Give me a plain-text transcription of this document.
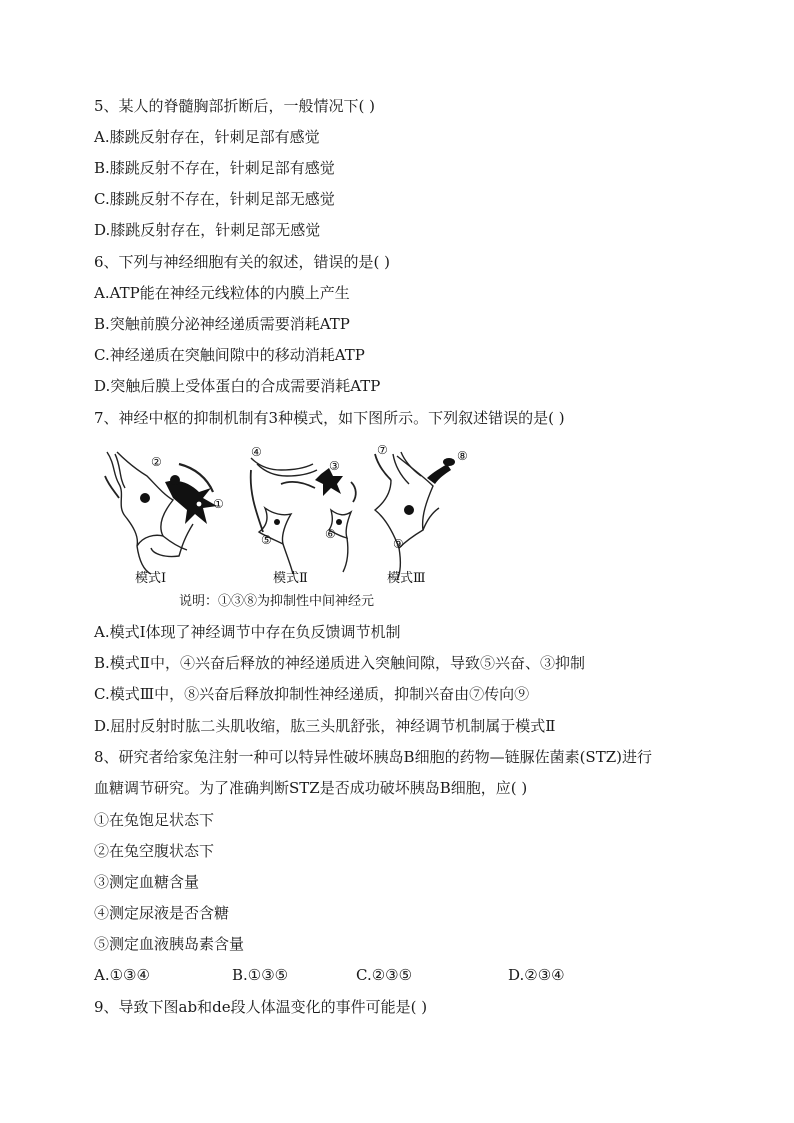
5、某人的脊髓胸部折断后，一般情况下( )
A.膝跳反射存在，针刺足部有感觉
B.膝跳反射不存在，针刺足部有感觉
C.膝跳反射不存在，针刺足部无感觉
D.膝跳反射存在，针刺足部无感觉
6、下列与神经细胞有关的叙述，错误的是( )
A.ATP能在神经元线粒体的内膜上产生
B.突触前膜分泌神经递质需要消耗ATP
C.神经递质在突触间隙中的移动消耗ATP
D.突触后膜上受体蛋白的合成需要消耗ATP
7、神经中枢的抑制机制有3种模式，如下图所示。下列叙述错误的是( )
②
①
④
③
⑤	⑥
⑦	⑧
⑨
模式Ⅰ	模式Ⅱ	模式Ⅲ
说明：①③⑧为抑制性中间神经元
A.模式Ⅰ体现了神经调节中存在负反馈调节机制
B.模式Ⅱ中，④兴奋后释放的神经递质进入突触间隙，导致⑤兴奋、③抑制
C.模式Ⅲ中，⑧兴奋后释放抑制性神经递质，抑制兴奋由⑦传向⑨
D.屈肘反射时肱二头肌收缩，肱三头肌舒张，神经调节机制属于模式Ⅱ
8、研究者给家兔注射一种可以特异性破坏胰岛B细胞的药物—链脲佐菌素(STZ)进行
血糖调节研究。为了准确判断STZ是否成功破坏胰岛B细胞，应( )
①在兔饱足状态下
②在兔空腹状态下
③测定血糖含量
④测定尿液是否含糖
⑤测定血液胰岛素含量
A.①③④	B.①③⑤	C.②③⑤	D.②③④
9、导致下图ab和de段人体温变化的事件可能是( )
